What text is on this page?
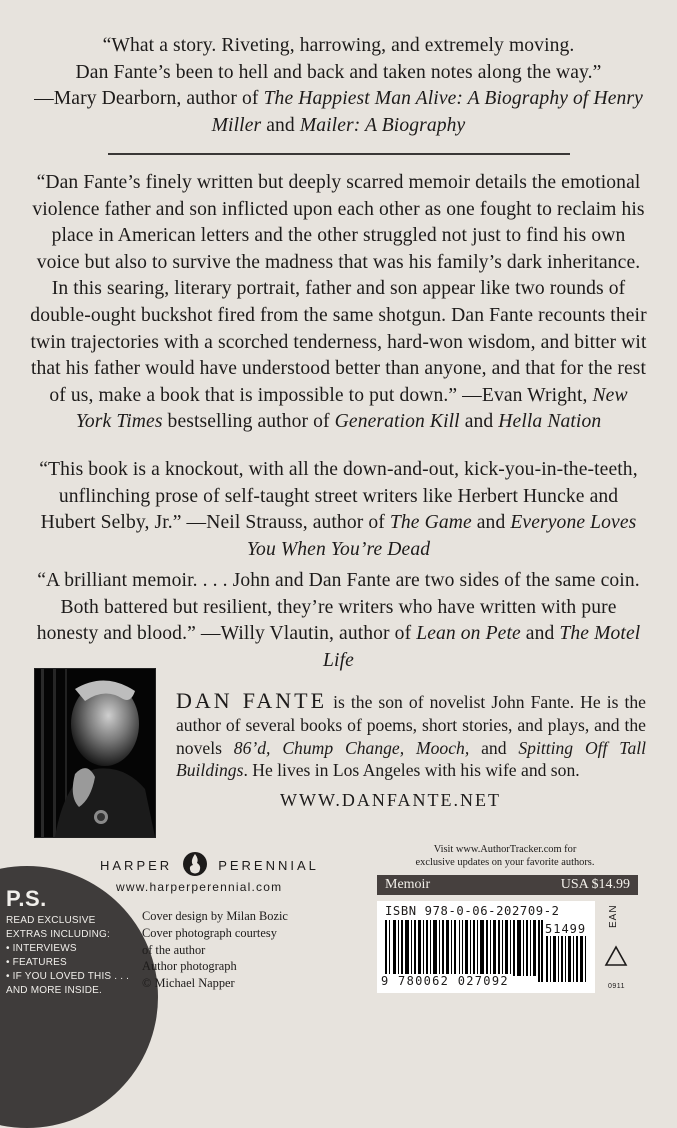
“What a story. Riveting, harrowing, and extremely moving.
Dan Fante’s been to hell and back and taken notes along the way.”
—Mary Dearborn, author of The Happiest Man Alive: A Biography of Henry Miller and Mailer: A Biography

“Dan Fante’s finely written but deeply scarred memoir details the emotional violence father and son inflicted upon each other as one fought to reclaim his place in American letters and the other struggled not just to find his own voice but also to survive the madness that was his family’s dark inheritance. In this searing, literary portrait, father and son appear like two rounds of double-ought buckshot fired from the same shotgun. Dan Fante recounts their twin trajectories with a scorched tenderness, hard-won wisdom, and bitter wit that his father would have understood better than anyone, and that for the rest of us, make a book that is impossible to put down.” —Evan Wright, New York Times bestselling author of Generation Kill and Hella Nation

“This book is a knockout, with all the down-and-out, kick-you-in-the-teeth, unflinching prose of self-taught street writers like Herbert Huncke and Hubert Selby, Jr.” —Neil Strauss, author of The Game and Everyone Loves You When You’re Dead

“A brilliant memoir. . . . John and Dan Fante are two sides of the same coin. Both battered but resilient, they’re writers who have written with pure honesty and blood.” —Willy Vlautin, author of Lean on Pete and The Motel Life

DAN FANTE is the son of novelist John Fante. He is the author of several books of poems, short stories, and plays, and the novels 86’d, Chump Change, Mooch, and Spitting Off Tall Buildings. He lives in Los Angeles with his wife and son.

WWW.DANFANTE.NET
HARPER	PERENNIAL
www.harperperennial.com
P.S.
READ EXCLUSIVE
EXTRAS INCLUDING:
• INTERVIEWS
• FEATURES
• IF YOU LOVED THIS . . .
AND MORE INSIDE.

Cover design by Milan Bozic
Cover photograph courtesy
of the author
Author photograph
© Michael Napper

Visit www.AuthorTracker.com for
exclusive updates on your favorite authors.

Memoir	USA $14.99
ISBN 978-0-06-202709-2
51499
9 780062 027092
EAN
0911
